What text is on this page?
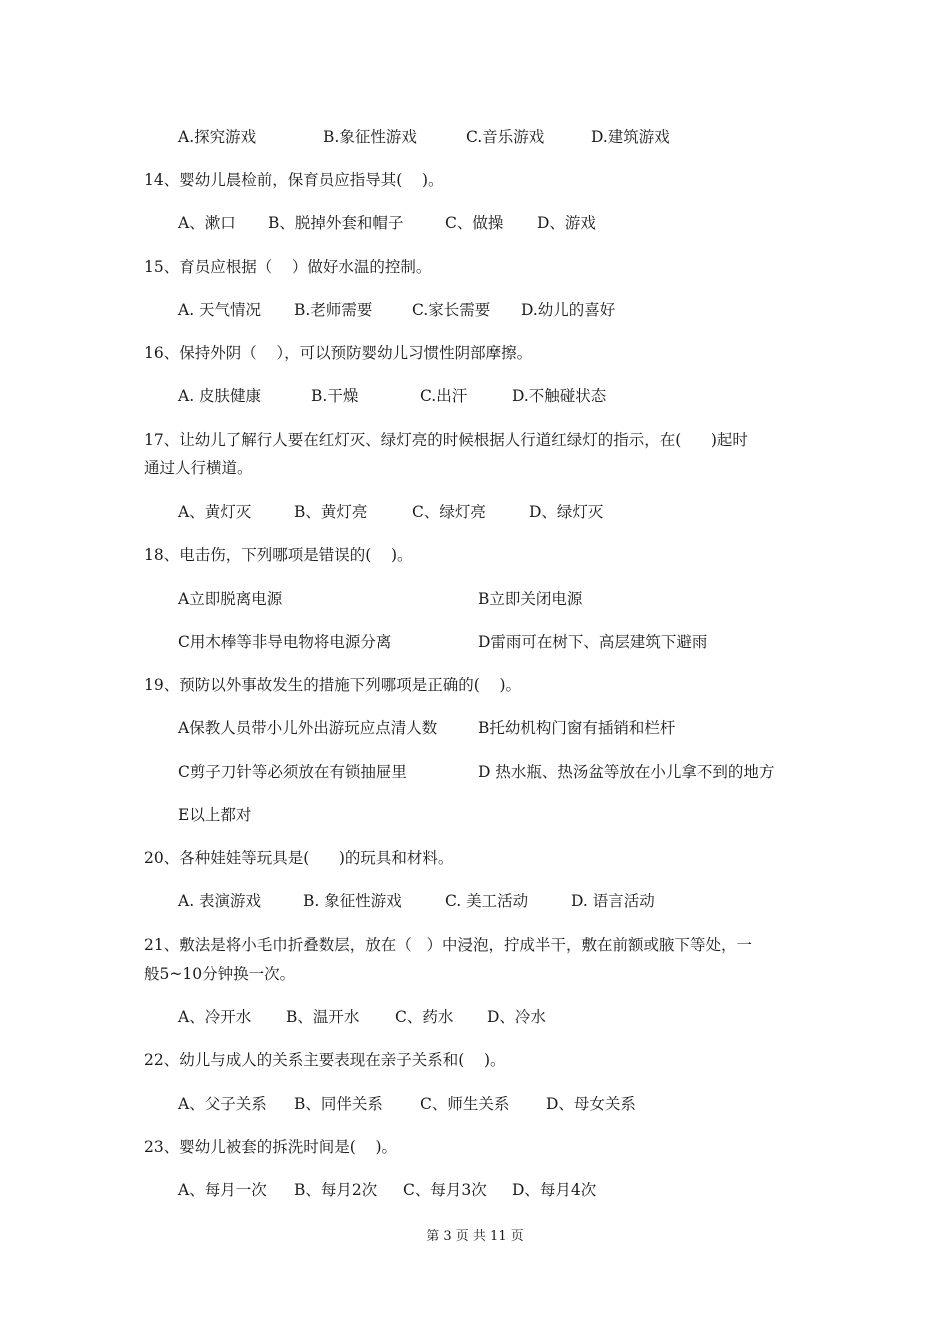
A.探究游戏	B.象征性游戏	C.音乐游戏	D.建筑游戏
14、婴幼儿晨检前，保育员应指导其(    )。
A、漱口 B、脱掉外套和帽子	C、做操 D、游戏
15、育员应根据（    ）做好水温的控制。
A. 天气情况 B.老师需要	C.家长需要 D.幼儿的喜好
16、保持外阴（    ），可以预防婴幼儿习惯性阴部摩擦。
A. 皮肤健康	B.干燥	C.出汗	D.不触碰状态
17、让幼儿了解行人要在红灯灭、绿灯亮的时候根据人行道红绿灯的指示，在(      )起时
通过人行横道。
A、黄灯灭	B、黄灯亮	C、绿灯亮	D、绿灯灭
18、电击伤，下列哪项是错误的(    )。
A立即脱离电源	B立即关闭电源
C用木棒等非导电物将电源分离	D雷雨可在树下、高层建筑下避雨
19、预防以外事故发生的措施下列哪项是正确的(    )。
A保教人员带小儿外出游玩应点清人数	B托幼机构门窗有插销和栏杆
C剪子刀针等必须放在有锁抽屉里	D 热水瓶、热汤盆等放在小儿拿不到的地方
E以上都对
20、各种娃娃等玩具是(      )的玩具和材料。
A. 表演游戏	B. 象征性游戏	C. 美工活动	D. 语言活动
21、敷法是将小毛巾折叠数层，放在（   ）中浸泡，拧成半干，敷在前额或腋下等处，一
般5~10分钟换一次。
A、冷开水 B、温开水 C、药水 D、冷水
22、幼儿与成人的关系主要表现在亲子关系和(    )。
A、父子关系 B、同伴关系 C、师生关系 D、母女关系
23、婴幼儿被套的拆洗时间是(    )。
A、每月一次 B、每月2次 C、每月3次 D、每月4次
第 3 页 共 11 页
